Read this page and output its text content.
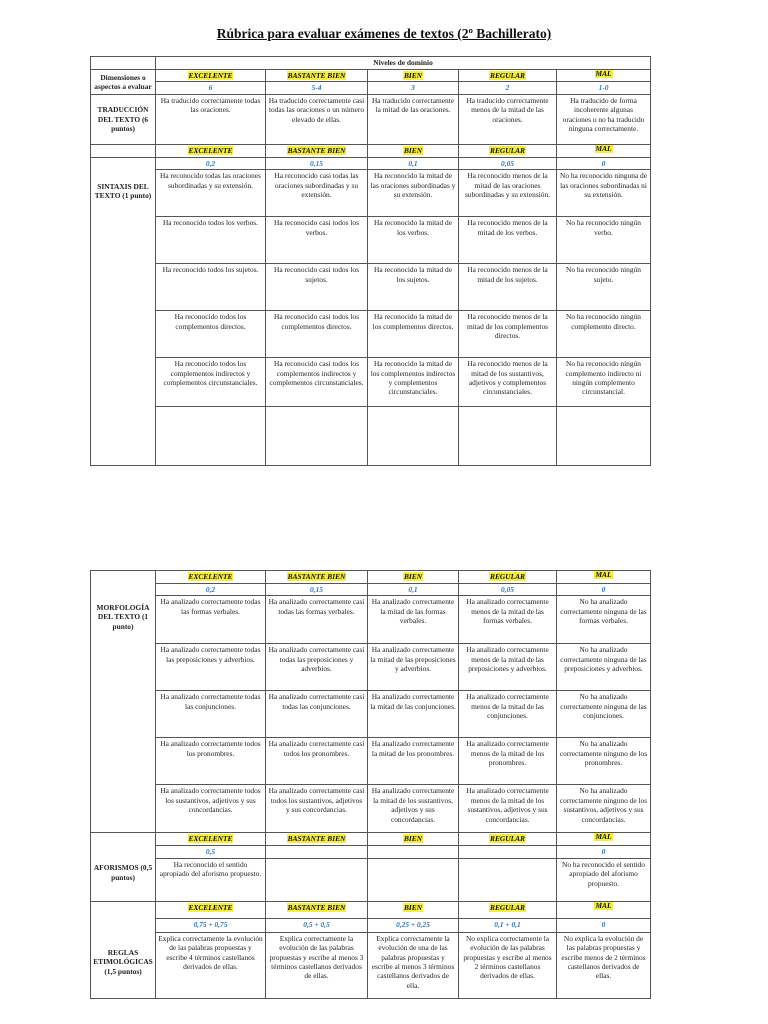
Rúbrica para evaluar exámenes de textos (2º Bachillerato)
	Niveles de dominio				
Dimensiones o aspectos a evaluar	EXCELENTE	BASTANTE BIEN	BIEN	REGULAR	MAL
	6	5-4	3	2	1-0
TRADUCCIÓN DEL TEXTO (6 puntos)	Ha traducido correctamente todas las oraciones.	Ha traducido correctamente casi todas las oraciones o un número elevado de ellas.	Ha traducido correctamente la mitad de las oraciones.	Ha traducido correctamente menos de la mitad de las oraciones.	Ha traducido de forma incoherente algunas oraciones o no ha traducido ninguna correctamente.
	EXCELENTE	BASTANTE BIEN	BIEN	REGULAR	MAL
SINTAXIS DEL TEXTO (1 punto)	0,2	0,15	0,1	0,05	0
	Ha reconocido todas las oraciones subordinadas y su extensión.	Ha reconocido casi todas las oraciones subordinadas y su extensión.	Ha reconocido la mitad de las oraciones subordinadas y su extensión.	Ha reconocido menos de la mitad de las oraciones subordinadas y su extensión.	No ha reconocido ninguna de las oraciones subordinadas ni su extensión.
	Ha reconocido todos los verbos.	Ha reconocido casi todos los verbos.	Ha reconocido la mitad de los verbos.	Ha reconocido menos de la mitad de los verbos.	No ha reconocido ningún verbo.
	Ha reconocido todos los sujetos.	Ha reconocido casi todos los sujetos.	Ha reconocido la mitad de los sujetos.	Ha reconocido menos de la mitad de los sujetos.	No ha reconocido ningún sujeto.
	Ha reconocido todos los complementos directos.	Ha reconocido casi todos los complementos directos.	Ha reconocido la mitad de los complementos directos.	Ha reconocido menos de la mitad de los complementos directos.	No ha reconocido ningún complemento directo.
	Ha reconocido todos los complementos indirectos y complementos circunstanciales.	Ha reconocido casi todos los complementos indirectos y complementos circunstanciales.	Ha reconocido la mitad de los complementos indirectos y complementos circunstanciales.	Ha reconocido menos de la mitad de los sustantivos, adjetivos y complementos circunstanciales.	No ha reconocido ningún complemento indirecto ni ningún complemento circunstancial.

MORFOLOGÍA DEL TEXTO (1 punto)	EXCELENTE	BASTANTE BIEN	BIEN	REGULAR	MAL
	0,2	0,15	0,1	0,05	0
	Ha analizado correctamente todas las formas verbales.	Ha analizado correctamente casi todas las formas verbales.	Ha analizado correctamente la mitad de las formas verbales.	Ha analizado correctamente menos de la mitad de las formas verbales.	No ha analizado correctamente ninguna de las formas verbales.
	Ha analizado correctamente todas las preposiciones y adverbios.	Ha analizado correctamente casi todas las preposiciones y adverbios.	Ha analizado correctamente la mitad de las preposiciones y adverbios.	Ha analizado correctamente menos de la mitad de las preposiciones y adverbios.	No ha analizado correctamente ninguna de las preposiciones y adverbios.
	Ha analizado correctamente todas las conjunciones.	Ha analizado correctamente casi todas las conjunciones.	Ha analizado correctamente la mitad de las conjunciones.	Ha analizado correctamente menos de la mitad de las conjunciones.	No ha analizado correctamente ninguna de las conjunciones.
	Ha analizado correctamente todos los pronombres.	Ha analizado correctamente casi todos los pronombres.	Ha analizado correctamente la mitad de los pronombres.	Ha analizado correctamente menos de la mitad de los pronombres.	No ha analizado correctamente ninguno de los pronombres.
	Ha analizado correctamente todos los sustantivos, adjetivos y sus concordancias.	Ha analizado correctamente casi todos los sustantivos, adjetivos y sus concordancias.	Ha analizado correctamente la mitad de los sustantivos, adjetivos y sus concordancias.	Ha analizado correctamente menos de la mitad de los sustantivos, adjetivos y sus concordancias.	No ha analizado correctamente ninguno de los sustantivos, adjetivos y sus concordancias.
AFORISMOS (0,5 puntos)	EXCELENTE	BASTANTE BIEN	BIEN	REGULAR	MAL
	0,5				0
	Ha reconocido el sentido apropiado del aforismo propuesto.				No ha reconocido el sentido apropiado del aforismo propuesto.
REGLAS ETIMOLÓGICAS (1,5 puntos)	EXCELENTE	BASTANTE BIEN	BIEN	REGULAR	MAL
	0,75 + 0,75	0,5 + 0,5	0,25 + 0,25	0,1 + 0,1	0
	Explica correctamente la evolución de las palabras propuestas y escribe 4 términos castellanos derivados de ellas.	Explica correctamente la evolución de las palabras propuestas y escribe al menos 3 términos castellanos derivados de ellas.	Explica correctamente la evolución de una de las palabras propuestas y escribe al menos 3 términos castellanos derivados de ella.	No explica correctamente la evolución de las palabras propuestas y escribe al menos 2 términos castellanos derivados de ellas.	No explica la evolución de las palabras propuestas y escribe menos de 2 términos castellanos derivados de ellas.
